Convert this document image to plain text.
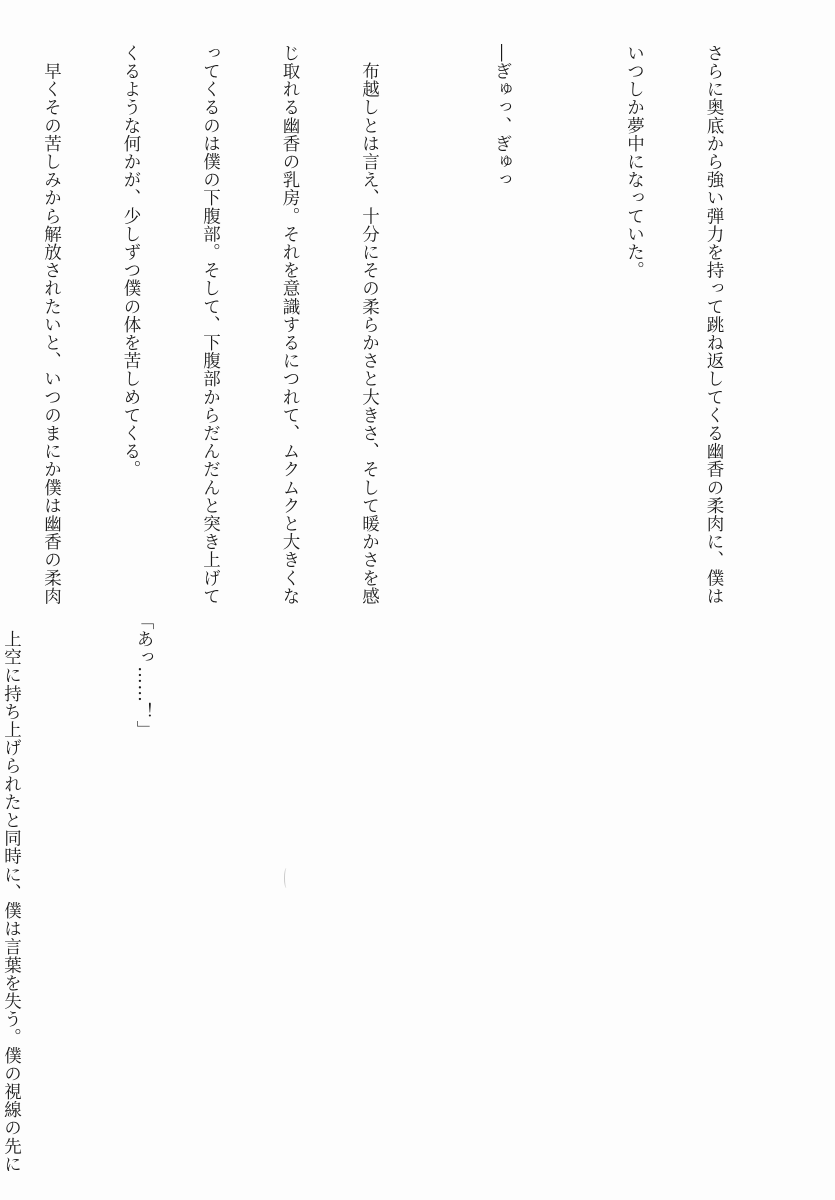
さらに奥底から強い弾力を持って跳ね返してくる幽香の柔肉に、僕は

いつしか夢中になっていた。

―ぎゅっ、ぎゅっ

　布越しとは言え、十分にその柔らかさと大きさ、そして暖かさを感

じ取れる幽香の乳房。それを意識するにつれて、ムクムクと大きくな

ってくるのは僕の下腹部。そして、下腹部からだんだんと突き上げて

くるような何かが、少しずつ僕の体を苦しめてくる。

　早くその苦しみから解放されたいと、いつのまにか僕は幽香の柔肉

「あっ……！」

　上空に持ち上げられたと同時に、僕は言葉を失う。僕の視線の先に
